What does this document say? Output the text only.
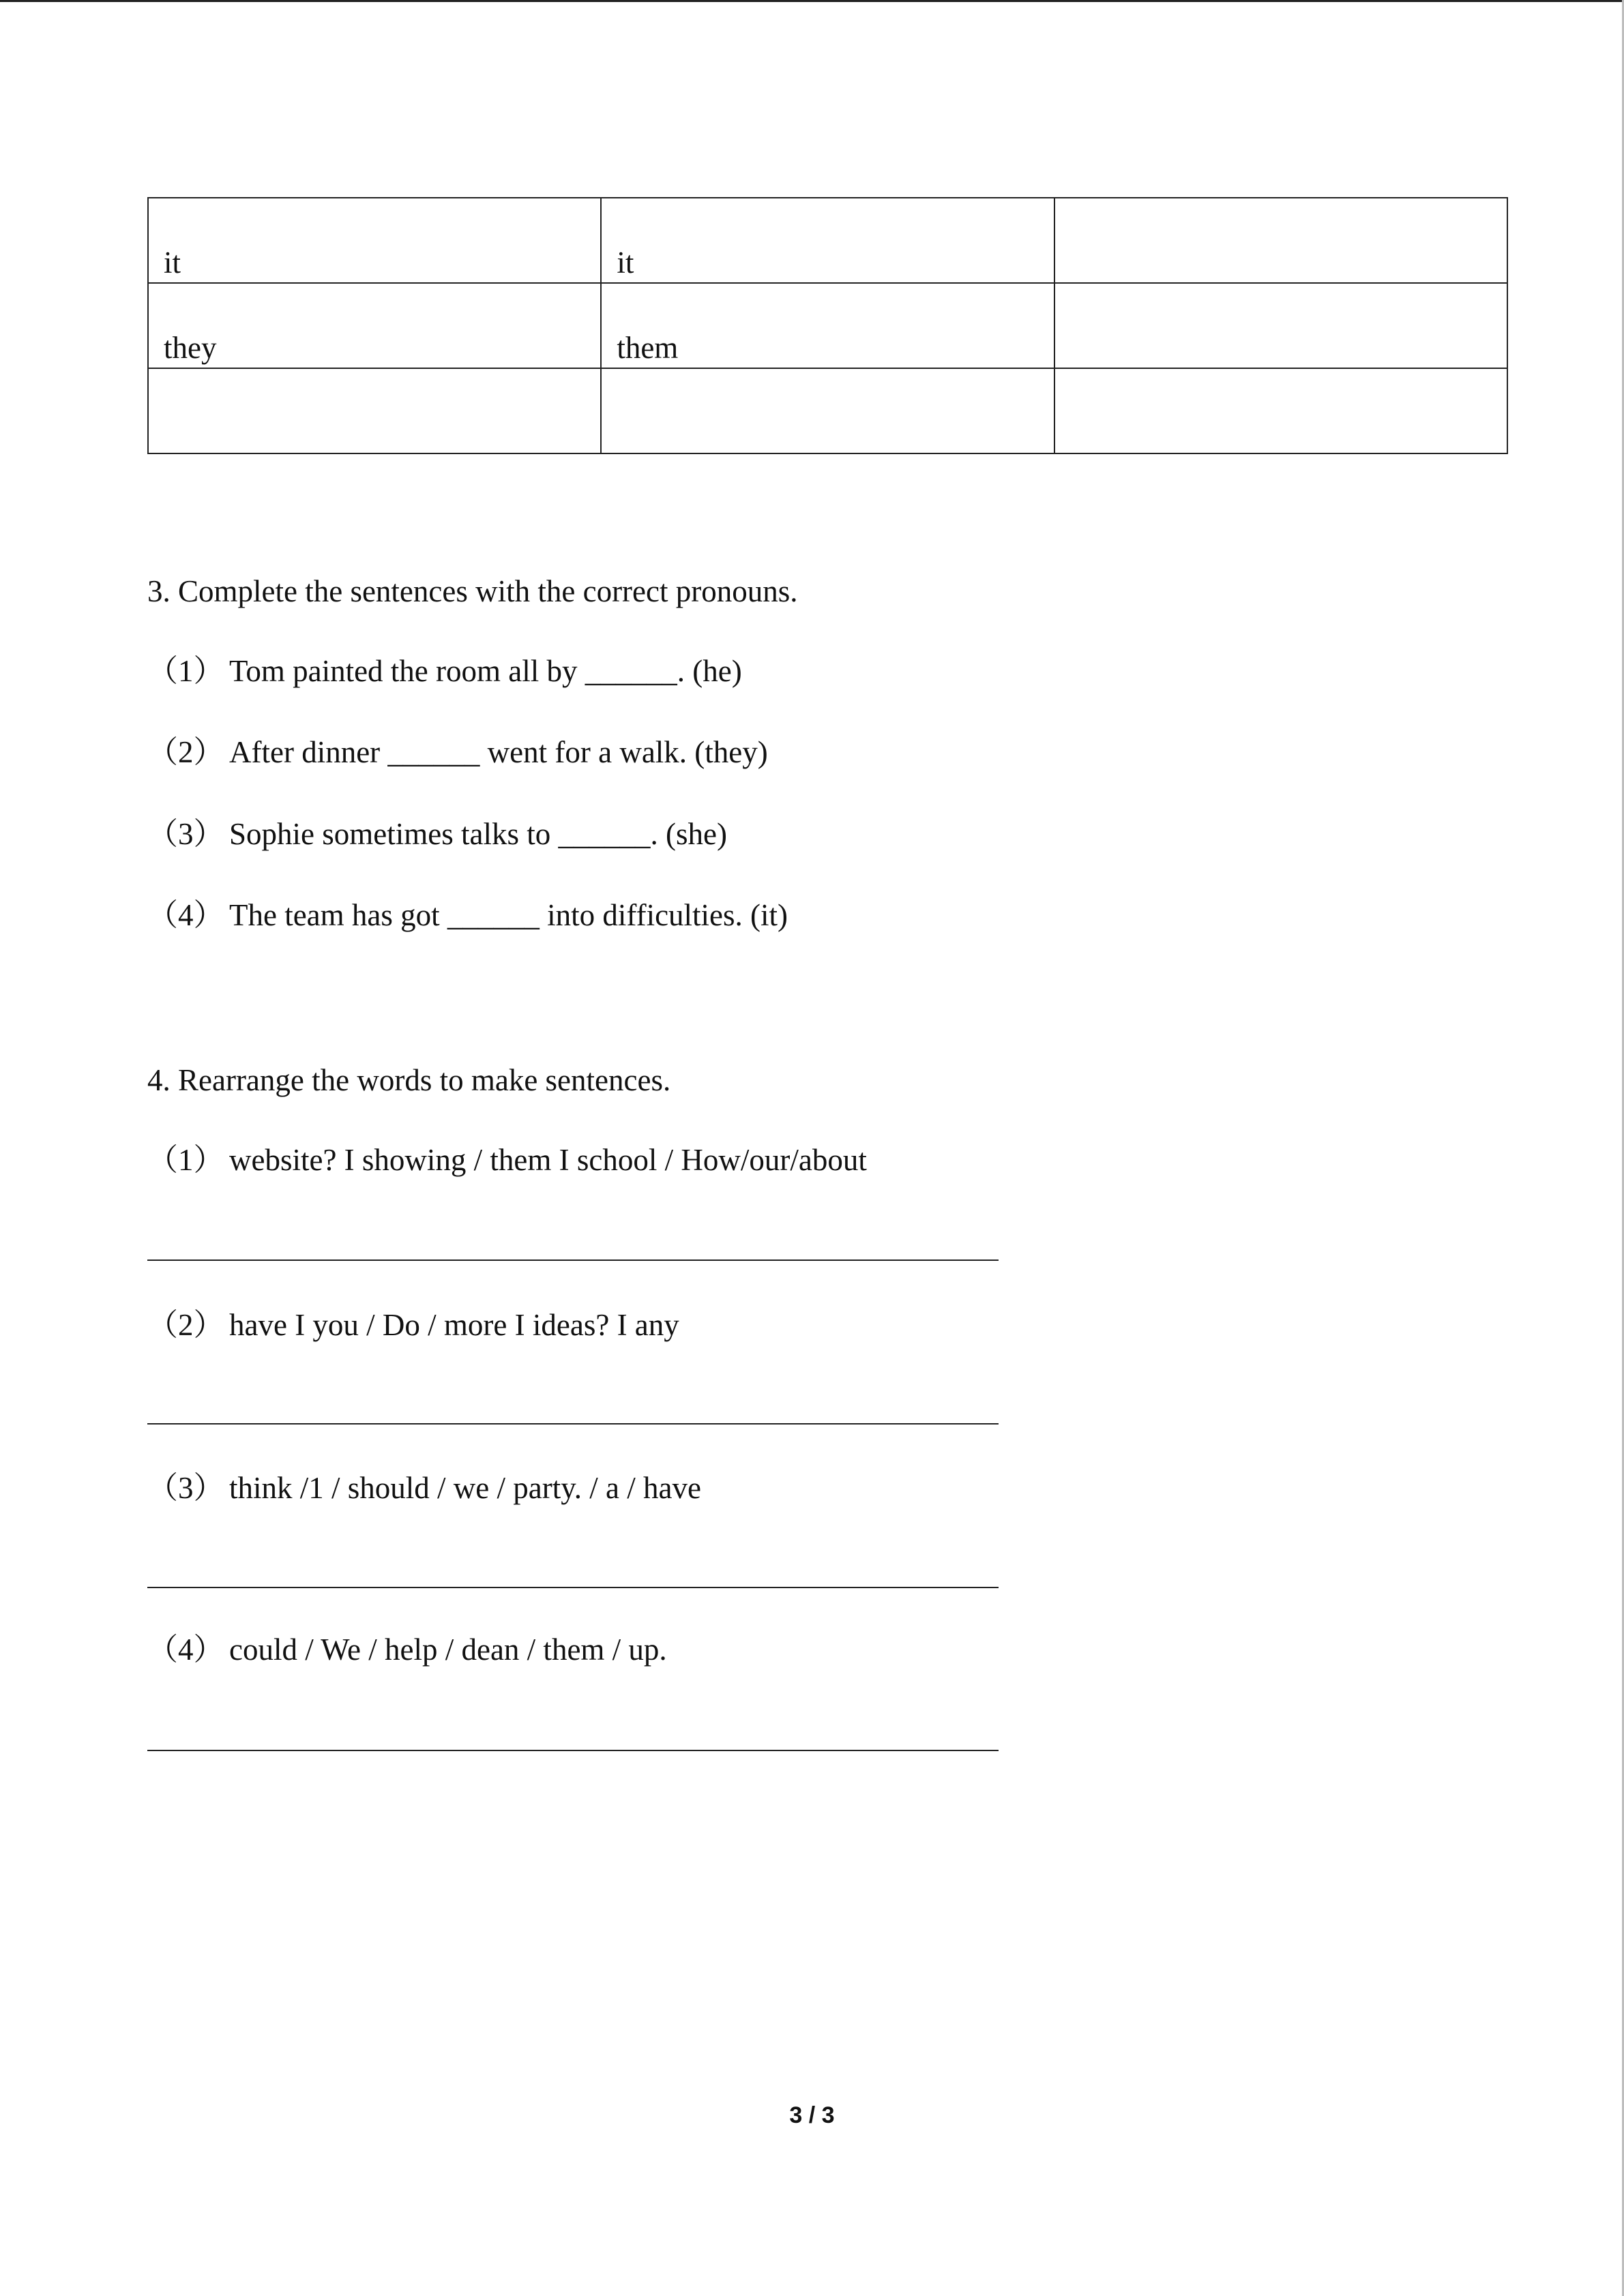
it	it	
they	them	

3. Complete the sentences with the correct pronouns.

（1） Tom painted the room all by ______. (he)
（2） After dinner ______ went for a walk. (they)
（3） Sophie sometimes talks to ______. (she)
（4） The team has got ______ into difficulties. (it)

4. Rearrange the words to make sentences.

（1） website? I showing / them I school / How/our/about
（2） have I you / Do / more I ideas? I any
（3） think /1 / should / we / party. / a / have
（4） could / We / help / dean / them / up.
3 / 3
